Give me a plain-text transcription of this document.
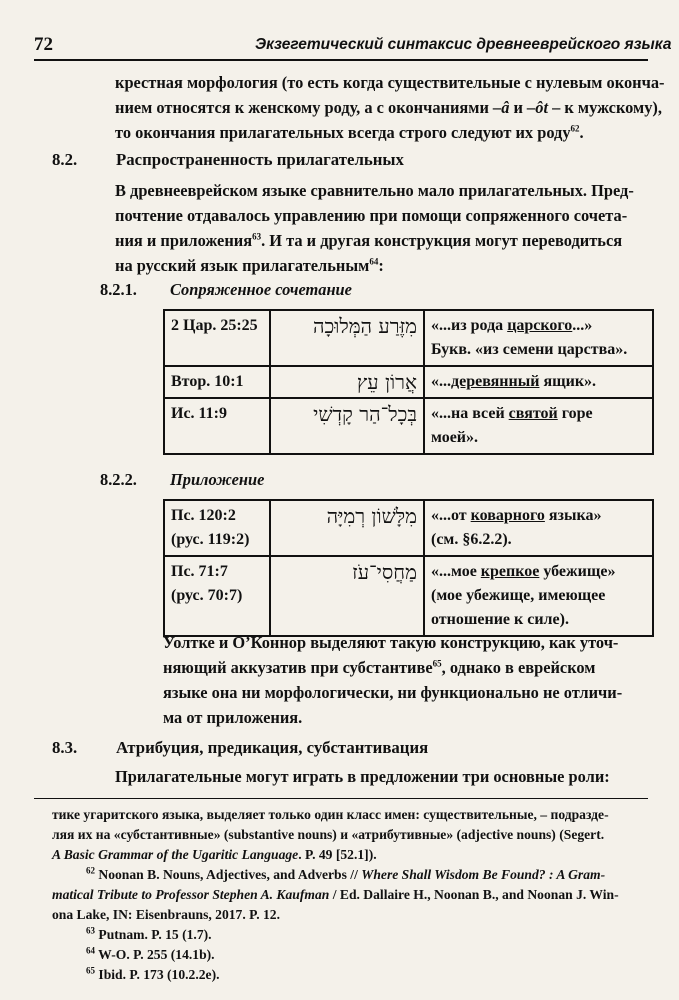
72	Экзегетический синтаксис древнееврейского языка
крестная морфология (то есть когда существительные с нулевым оконча-
нием относятся к женскому роду, а с окончаниями –â и –ôt – к мужскому),
то окончания прилагательных всегда строго следуют их роду$^{62}$.
8.2. Распространенность прилагательных
В древнееврейском языке сравнительно мало прилагательных. Пред-
почтение отдавалось управлению при помощи сопряженного сочета-
ния и приложения$^{63}$. И та и другая конструкция могут переводиться
на русский язык прилагательным$^{64}$:
8.2.1. Сопряженное сочетание
2 Цар. 25:25	מִזֶּרַע הַמְּלוּכָה	«...из рода царского...»
Букв. «из семени царства».
Втор. 10:1	אֲרוֹן עֵץ	«...деревянный ящик».
Ис. 11:9	בְּכָל־הַר קָדְשִׁי	«...на всей святой горе
моей».
8.2.2. Приложение
Пс. 120:2
(рус. 119:2)	מִלָּשׁוֹן רְמִיָּה	«...от коварного языка»
(см. §6.2.2).
Пс. 71:7
(рус. 70:7)	מַחֲסִי־עֹז	«...мое крепкое убежище»
(мое убежище, имеющее
отношение к силе).
Уолтке и О’Коннор выделяют такую конструкцию, как уточ-
няющий аккузатив при субстантиве$^{65}$, однако в еврейском
языке она ни морфологически, ни функционально не отличи-
ма от приложения.
8.3. Атрибуция, предикация, субстантивация
Прилагательные могут играть в предложении три основные роли:
тике угаритского языка, выделяет только один класс имен: существительные, – подразде-
ляя их на «субстантивные» (substantive nouns) и «атрибутивные» (adjective nouns) (Segert.
A Basic Grammar of the Ugaritic Language. P. 49 [52.1]).
$^{62}$ Noonan B. Nouns, Adjectives, and Adverbs // Where Shall Wisdom Be Found? : A Gram-
matical Tribute to Professor Stephen A. Kaufman / Ed. Dallaire H., Noonan B., and Noonan J. Win-
ona Lake, IN: Eisenbrauns, 2017. P. 12.
$^{63}$ Putnam. P. 15 (1.7).
$^{64}$ W-O. P. 255 (14.1b).
$^{65}$ Ibid. P. 173 (10.2.2e).
